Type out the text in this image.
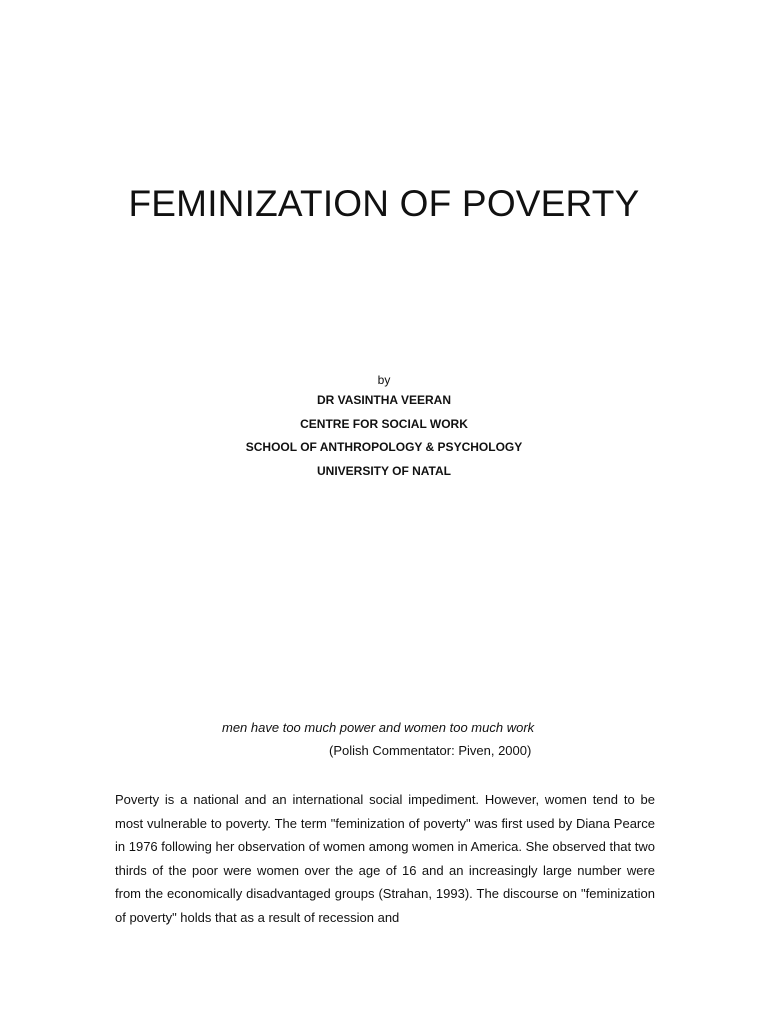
FEMINIZATION OF POVERTY
by
DR VASINTHA VEERAN
CENTRE FOR SOCIAL WORK
SCHOOL OF ANTHROPOLOGY & PSYCHOLOGY
UNIVERSITY OF NATAL
men have too much power and women too much work
(Polish Commentator: Piven, 2000)

Poverty is a national and an international social impediment. However, women tend to be most vulnerable to poverty. The term "feminization of poverty" was first used by Diana Pearce in 1976 following her observation of women among women in America. She observed that two thirds of the poor were women over the age of 16 and an increasingly large number were from the economically disadvantaged groups (Strahan, 1993). The discourse on "feminization of poverty" holds that as a result of recession and
